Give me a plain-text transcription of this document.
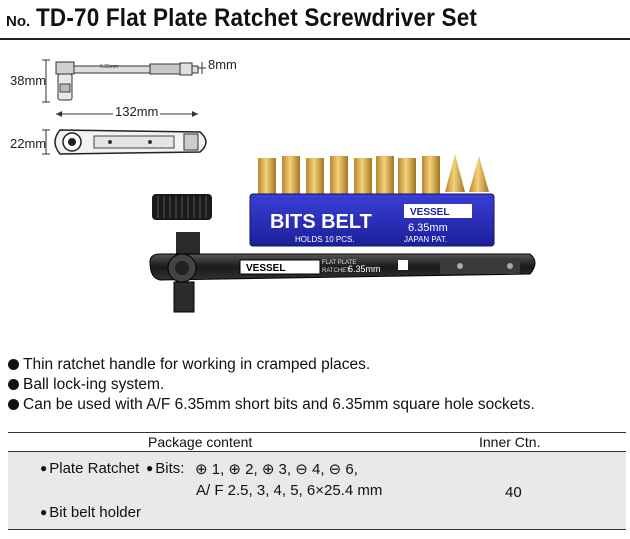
No. TD-70 Flat Plate Ratchet Screwdriver Set
38mm
8mm
132mm
22mm
6.35mm
BITS BELT	VESSEL
6.35mm
HOLDS 10 PCS.	JAPAN PAT.
VESSEL	FLAT PLATE
RATCHET
6.35mm
Thin ratchet handle for working in cramped places.
Ball lock-ing system.
Can be used with A/F 6.35mm short bits and 6.35mm square hole sockets.
Package content	Inner Ctn.
● Plate Ratchet ● Bits: ⊕ 1, ⊕ 2, ⊕ 3, ⊖ 4, ⊖ 6,
A/ F 2.5, 3, 4, 5, 6×25.4 mm
● Bit belt holder
40
